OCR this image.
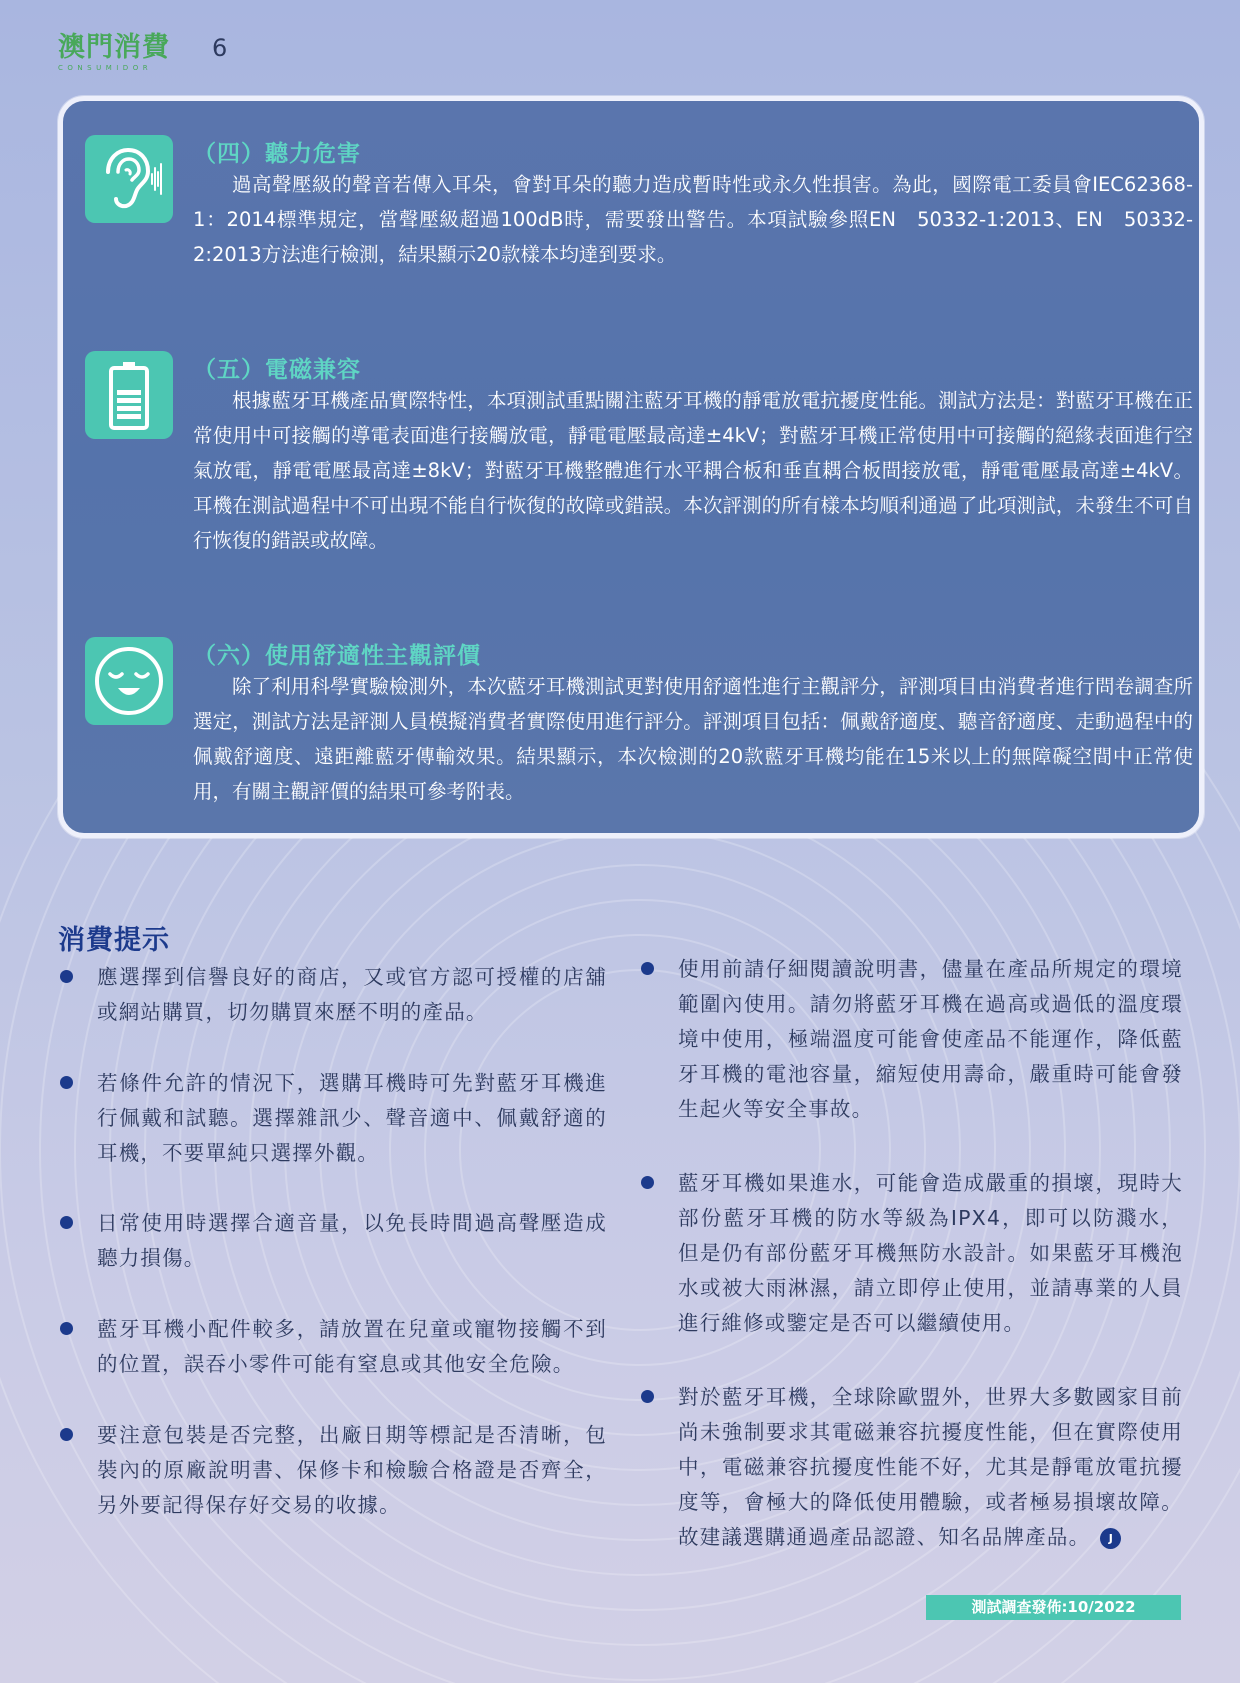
澳門消費
CONSUMIDOR
6
（四）聽力危害
過高聲壓級的聲音若傳入耳朵，會對耳朵的聽力造成暫時性或永久性損害。為此，國際電工委員會IEC62368-1：2014標準規定，當聲壓級超過100dB時，需要發出警告。本項試驗參照EN　50332-1:2013、EN　50332-2:2013方法進行檢測，結果顯示20款樣本均達到要求。
（五）電磁兼容
根據藍牙耳機產品實際特性，本項測試重點關注藍牙耳機的靜電放電抗擾度性能。測試方法是：對藍牙耳機在正常使用中可接觸的導電表面進行接觸放電，靜電電壓最高達±4kV；對藍牙耳機正常使用中可接觸的絕緣表面進行空氣放電，靜電電壓最高達±8kV；對藍牙耳機整體進行水平耦合板和垂直耦合板間接放電，靜電電壓最高達±4kV。耳機在測試過程中不可出現不能自行恢復的故障或錯誤。本次評測的所有樣本均順利通過了此項測試，未發生不可自行恢復的錯誤或故障。
（六）使用舒適性主觀評價
除了利用科學實驗檢測外，本次藍牙耳機測試更對使用舒適性進行主觀評分，評測項目由消費者進行問卷調查所選定，測試方法是評測人員模擬消費者實際使用進行評分。評測項目包括：佩戴舒適度、聽音舒適度、走動過程中的佩戴舒適度、遠距離藍牙傳輸效果。結果顯示，本次檢測的20款藍牙耳機均能在15米以上的無障礙空間中正常使用，有關主觀評價的結果可參考附表。
消費提示
應選擇到信譽良好的商店，又或官方認可授權的店舖或網站購買，切勿購買來歷不明的產品。
若條件允許的情況下，選購耳機時可先對藍牙耳機進行佩戴和試聽。選擇雜訊少、聲音適中、佩戴舒適的耳機，不要單純只選擇外觀。
日常使用時選擇合適音量，以免長時間過高聲壓造成聽力損傷。
藍牙耳機小配件較多，請放置在兒童或寵物接觸不到的位置，誤吞小零件可能有窒息或其他安全危險。
要注意包裝是否完整，出廠日期等標記是否清晰，包裝內的原廠說明書、保修卡和檢驗合格證是否齊全，另外要記得保存好交易的收據。
使用前請仔細閱讀說明書，儘量在產品所規定的環境範圍內使用。請勿將藍牙耳機在過高或過低的溫度環境中使用，極端溫度可能會使產品不能運作，降低藍牙耳機的電池容量，縮短使用壽命，嚴重時可能會發生起火等安全事故。
藍牙耳機如果進水，可能會造成嚴重的損壞，現時大部份藍牙耳機的防水等級為IPX4，即可以防濺水，但是仍有部份藍牙耳機無防水設計。如果藍牙耳機泡水或被大雨淋濕，請立即停止使用，並請專業的人員進行維修或鑒定是否可以繼續使用。
對於藍牙耳機，全球除歐盟外，世界大多數國家目前尚未強制要求其電磁兼容抗擾度性能，但在實際使用中，電磁兼容抗擾度性能不好，尤其是靜電放電抗擾度等，會極大的降低使用體驗，或者極易損壞故障。故建議選購通過產品認證、知名品牌產品。 J
測試調查發佈:10/2022
